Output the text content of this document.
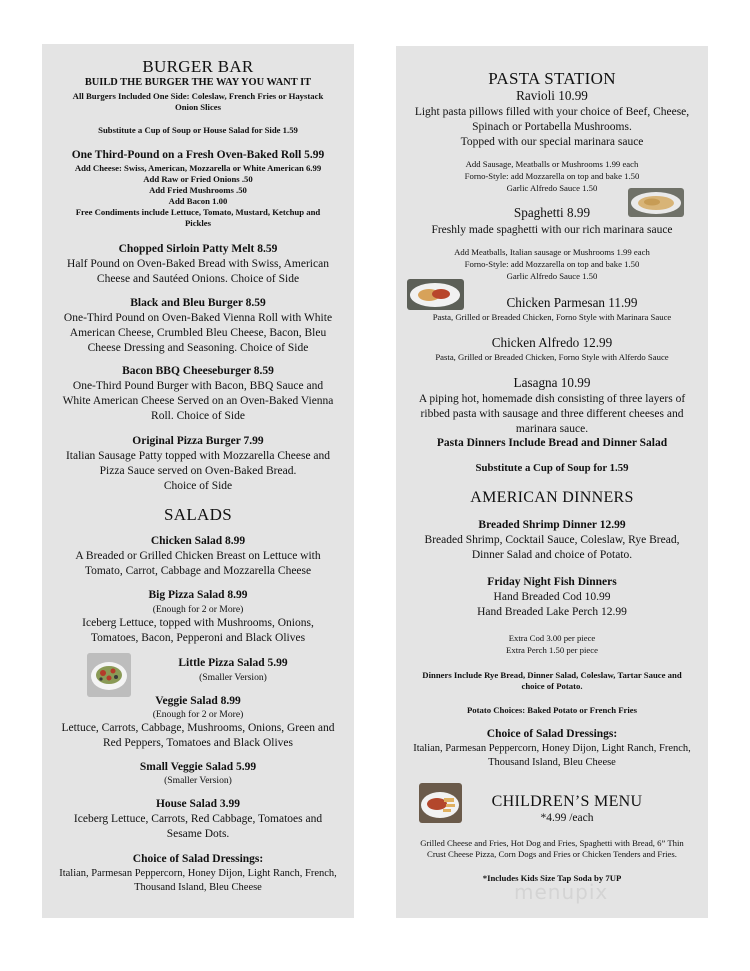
BURGER BAR
BUILD THE BURGER THE WAY YOU WANT IT
All Burgers Included One Side: Coleslaw, French Fries or Haystack
Onion Slices
Substitute a Cup of Soup or House Salad for Side 1.59
One Third-Pound on a Fresh Oven-Baked Roll 5.99
Add Cheese: Swiss, American, Mozzarella or White American 6.99
Add Raw or Fried Onions .50
Add Fried Mushrooms .50
Add Bacon 1.00
Free Condiments include Lettuce, Tomato, Mustard, Ketchup and
Pickles
Chopped Sirloin Patty Melt 8.59
Half Pound on Oven-Baked Bread with Swiss, American
Cheese and Sautéed Onions. Choice of Side
Black and Bleu Burger 8.59
One-Third Pound on Oven-Baked Vienna Roll with White
American Cheese, Crumbled Bleu Cheese, Bacon, Bleu
Cheese Dressing and Seasoning. Choice of Side
Bacon BBQ Cheeseburger 8.59
One-Third Pound Burger with Bacon, BBQ Sauce and
White American Cheese Served on an Oven-Baked Vienna
Roll. Choice of Side
Original Pizza Burger 7.99
Italian Sausage Patty topped with Mozzarella Cheese and
Pizza Sauce served on Oven-Baked Bread.
Choice of Side
SALADS
Chicken Salad 8.99
A Breaded or Grilled Chicken Breast on Lettuce with
Tomato, Carrot, Cabbage and Mozzarella Cheese
Big Pizza Salad 8.99
(Enough for 2 or More)
Iceberg Lettuce, topped with Mushrooms, Onions,
Tomatoes, Bacon, Pepperoni and Black Olives
Little Pizza Salad 5.99
(Smaller Version)
Veggie Salad 8.99
(Enough for 2 or More)
Lettuce, Carrots, Cabbage, Mushrooms, Onions, Green and
Red Peppers, Tomatoes and Black Olives
Small Veggie Salad 5.99
(Smaller Version)
House Salad 3.99
Iceberg Lettuce, Carrots, Red Cabbage, Tomatoes and
Sesame Dots.
Choice of Salad Dressings:
Italian, Parmesan Peppercorn, Honey Dijon, Light Ranch, French,
Thousand Island, Bleu Cheese
PASTA STATION
Ravioli 10.99
Light pasta pillows filled with your choice of Beef, Cheese,
Spinach or Portabella Mushrooms.
Topped with our special marinara sauce
Add Sausage, Meatballs or Mushrooms 1.99 each
Forno-Style: add Mozzarella on top and bake 1.50
Garlic Alfredo Sauce 1.50
Spaghetti 8.99
Freshly made spaghetti with our rich marinara sauce
Add Meatballs, Italian sausage or Mushrooms 1.99 each
Forno-Style: add Mozzarella on top and bake 1.50
Garlic Alfredo Sauce 1.50
Chicken Parmesan 11.99
Pasta, Grilled or Breaded Chicken, Forno Style with Marinara Sauce
Chicken Alfredo 12.99
Pasta, Grilled or Breaded Chicken, Forno Style with Alferdo Sauce
Lasagna 10.99
A piping hot, homemade dish consisting of three layers of
ribbed pasta with sausage and three different cheeses and
marinara sauce.
Pasta Dinners Include Bread and Dinner Salad
Substitute a Cup of Soup for 1.59
AMERICAN DINNERS
Breaded Shrimp Dinner 12.99
Breaded Shrimp, Cocktail Sauce, Coleslaw, Rye Bread,
Dinner Salad and choice of Potato.
Friday Night Fish Dinners
Hand Breaded Cod 10.99
Hand Breaded Lake Perch 12.99
Extra Cod 3.00 per piece
Extra Perch 1.50 per piece
Dinners Include Rye Bread, Dinner Salad, Coleslaw, Tartar Sauce and
choice of Potato.
Potato Choices: Baked Potato or French Fries
Choice of Salad Dressings:
Italian, Parmesan Peppercorn, Honey Dijon, Light Ranch, French,
Thousand Island, Bleu Cheese
CHILDREN’S MENU
*4.99 /each
Grilled Cheese and Fries, Hot Dog and Fries, Spaghetti with Bread, 6” Thin
Crust Cheese Pizza, Corn Dogs and Fries or Chicken Tenders and Fries.
*Includes Kids Size Tap Soda by 7UP
menupix
